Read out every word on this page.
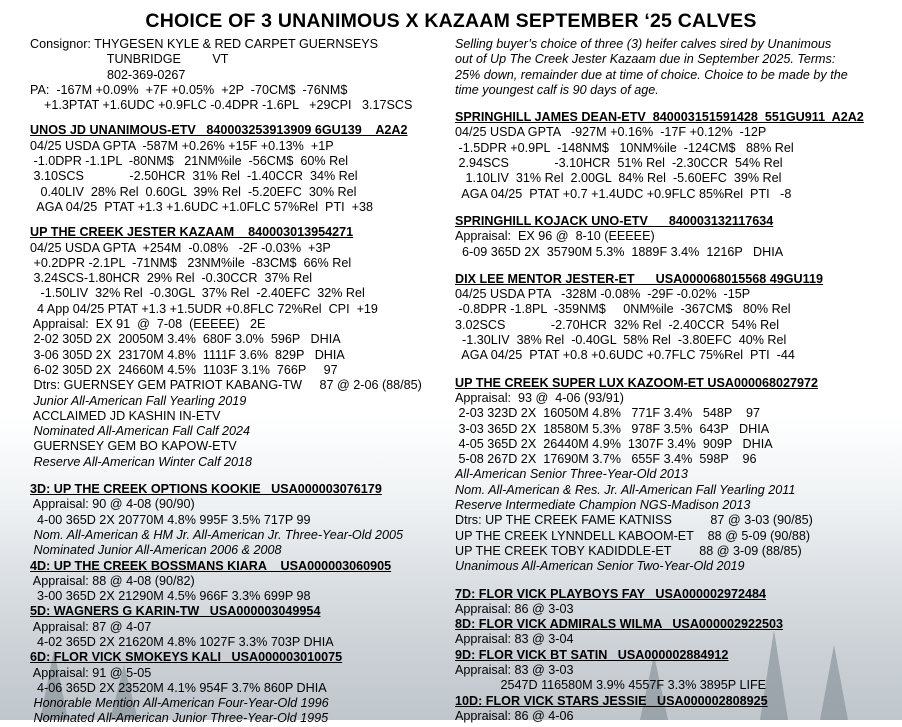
CHOICE OF 3 UNANIMOUS X KAZAAM SEPTEMBER ‘25 CALVES
Consignor: THYGESEN KYLE & RED CARPET GUERNSEYS
TUNBRIDGE         VT
802-369-0267
PA:  -167M +0.09%  +7F +0.05%  +2P  -70CM$  -76NM$
+1.3PTAT +1.6UDC +0.9FLC -0.4DPR -1.6PL   +29CPI   3.17SCS
UNOS JD UNANIMOUS-ETV   840003253913909 6GU139    A2A2
04/25 USDA GPTA  -587M +0.26% +15F +0.13%  +1P
-1.0DPR -1.1PL  -80NM$   21NM%ile  -56CM$  60% Rel
3.10SCS             -2.50HCR  31% Rel  -1.40CCR  34% Rel
0.40LIV  28% Rel  0.60GL  39% Rel  -5.20EFC  30% Rel
AGA 04/25  PTAT +1.3 +1.6UDC +1.0FLC 57%Rel  PTI  +38
UP THE CREEK JESTER KAZAAM    840003013954271
04/25 USDA GPTA  +254M  -0.08%   -2F -0.03%  +3P
+0.2DPR -2.1PL  -71NM$   23NM%ile  -83CM$  66% Rel
3.24SCS-1.80HCR  29% Rel  -0.30CCR  37% Rel
-1.50LIV  32% Rel  -0.30GL  37% Rel  -2.40EFC  32% Rel
4 App 04/25 PTAT +1.3 +1.5UDR +0.8FLC 72%Rel  CPI  +19
Appraisal:  EX 91  @  7-08  (EEEEE)   2E
2-02 305D 2X  20050M 3.4%  680F 3.0%  596P   DHIA
3-06 305D 2X  23170M 4.8%  1111F 3.6%  829P   DHIA
6-02 305D 2X  24660M 4.5%  1103F 3.1%  766P     97
Dtrs: GUERNSEY GEM PATRIOT KABANG-TW     87 @ 2-06 (88/85)
Junior All-American Fall Yearling 2019
ACCLAIMED JD KASHIN IN-ETV
Nominated All-American Fall Calf 2024
GUERNSEY GEM BO KAPOW-ETV
Reserve All-American Winter Calf 2018
3D: UP THE CREEK OPTIONS KOOKIE   USA000003076179
Appraisal: 90 @ 4-08 (90/90)
4-00 365D 2X 20770M 4.8% 995F 3.5% 717P 99
Nom. All-American & HM Jr. All-American Jr. Three-Year-Old 2005
Nominated Junior All-American 2006 & 2008
4D: UP THE CREEK BOSSMANS KIARA    USA000003060905
Appraisal: 88 @ 4-08 (90/82)
3-00 365D 2X 21290M 4.5% 966F 3.3% 699P 98
5D: WAGNERS G KARIN-TW   USA000003049954
Appraisal: 87 @ 4-07
4-02 365D 2X 21620M 4.8% 1027F 3.3% 703P DHIA
6D: FLOR VICK SMOKEYS KALI   USA000003010075
Appraisal: 91 @ 5-05
4-06 365D 2X 23520M 4.1% 954F 3.7% 860P DHIA
Honorable Mention All-American Four-Year-Old 1996
Nominated All-American Junior Three-Year-Old 1995
Selling buyer’s choice of three (3) heifer calves sired by Unanimous
out of Up The Creek Jester Kazaam due in September 2025. Terms:
25% down, remainder due at time of choice. Choice to be made by the
time youngest calf is 90 days of age.
SPRINGHILL JAMES DEAN-ETV  840003151591428  551GU911  A2A2
04/25 USDA GPTA   -927M +0.16%  -17F +0.12%  -12P
-1.5DPR +0.9PL  -148NM$   10NM%ile  -124CM$   88% Rel
2.94SCS             -3.10HCR  51% Rel  -2.30CCR  54% Rel
1.10LIV  31% Rel  2.00GL  84% Rel  -5.60EFC  39% Rel
AGA 04/25  PTAT +0.7 +1.4UDC +0.9FLC 85%Rel  PTI   -8
SPRINGHILL KOJACK UNO-ETV      840003132117634
Appraisal:  EX 96 @  8-10 (EEEEE)
6-09 365D 2X  35790M 5.3%  1889F 3.4%  1216P   DHIA
DIX LEE MENTOR JESTER-ET      USA000068015568 49GU119
04/25 USDA PTA   -328M -0.08%  -29F -0.02%  -15P
-0.8DPR -1.8PL  -359NM$     0NM%ile  -367CM$   80% Rel
3.02SCS             -2.70HCR  32% Rel  -2.40CCR  54% Rel
-1.30LIV  38% Rel  -0.40GL  58% Rel  -3.80EFC  40% Rel
AGA 04/25  PTAT +0.8 +0.6UDC +0.7FLC 75%Rel  PTI  -44
UP THE CREEK SUPER LUX KAZOOM-ET USA000068027972
Appraisal:  93 @  4-06 (93/91)
2-03 323D 2X  16050M 4.8%   771F 3.4%   548P    97
3-03 365D 2X  18580M 5.3%   978F 3.5%  643P   DHIA
4-05 365D 2X  26440M 4.9%  1307F 3.4%  909P   DHIA
5-08 267D 2X  17690M 3.7%   655F 3.4%  598P    96
All-American Senior Three-Year-Old 2013
Nom. All-American & Res. Jr. All-American Fall Yearling 2011
Reserve Intermediate Champion NGS-Madison 2013
Dtrs: UP THE CREEK FAME KATNISS           87 @ 3-03 (90/85)
UP THE CREEK LYNNDELL KABOOM-ET    88 @ 5-09 (90/88)
UP THE CREEK TOBY KADIDDLE-ET        88 @ 3-09 (88/85)
Unanimous All-American Senior Two-Year-Old 2019
7D: FLOR VICK PLAYBOYS FAY   USA000002972484
Appraisal: 86 @ 3-03
8D: FLOR VICK ADMIRALS WILMA   USA000002922503
Appraisal: 83 @ 3-04
9D: FLOR VICK BT SATIN   USA000002884912
Appraisal: 83 @ 3-03
2547D 116580M 3.9% 4557F 3.3% 3895P LIFE
10D: FLOR VICK STARS JESSIE   USA000002808925
Appraisal: 86 @ 4-06
